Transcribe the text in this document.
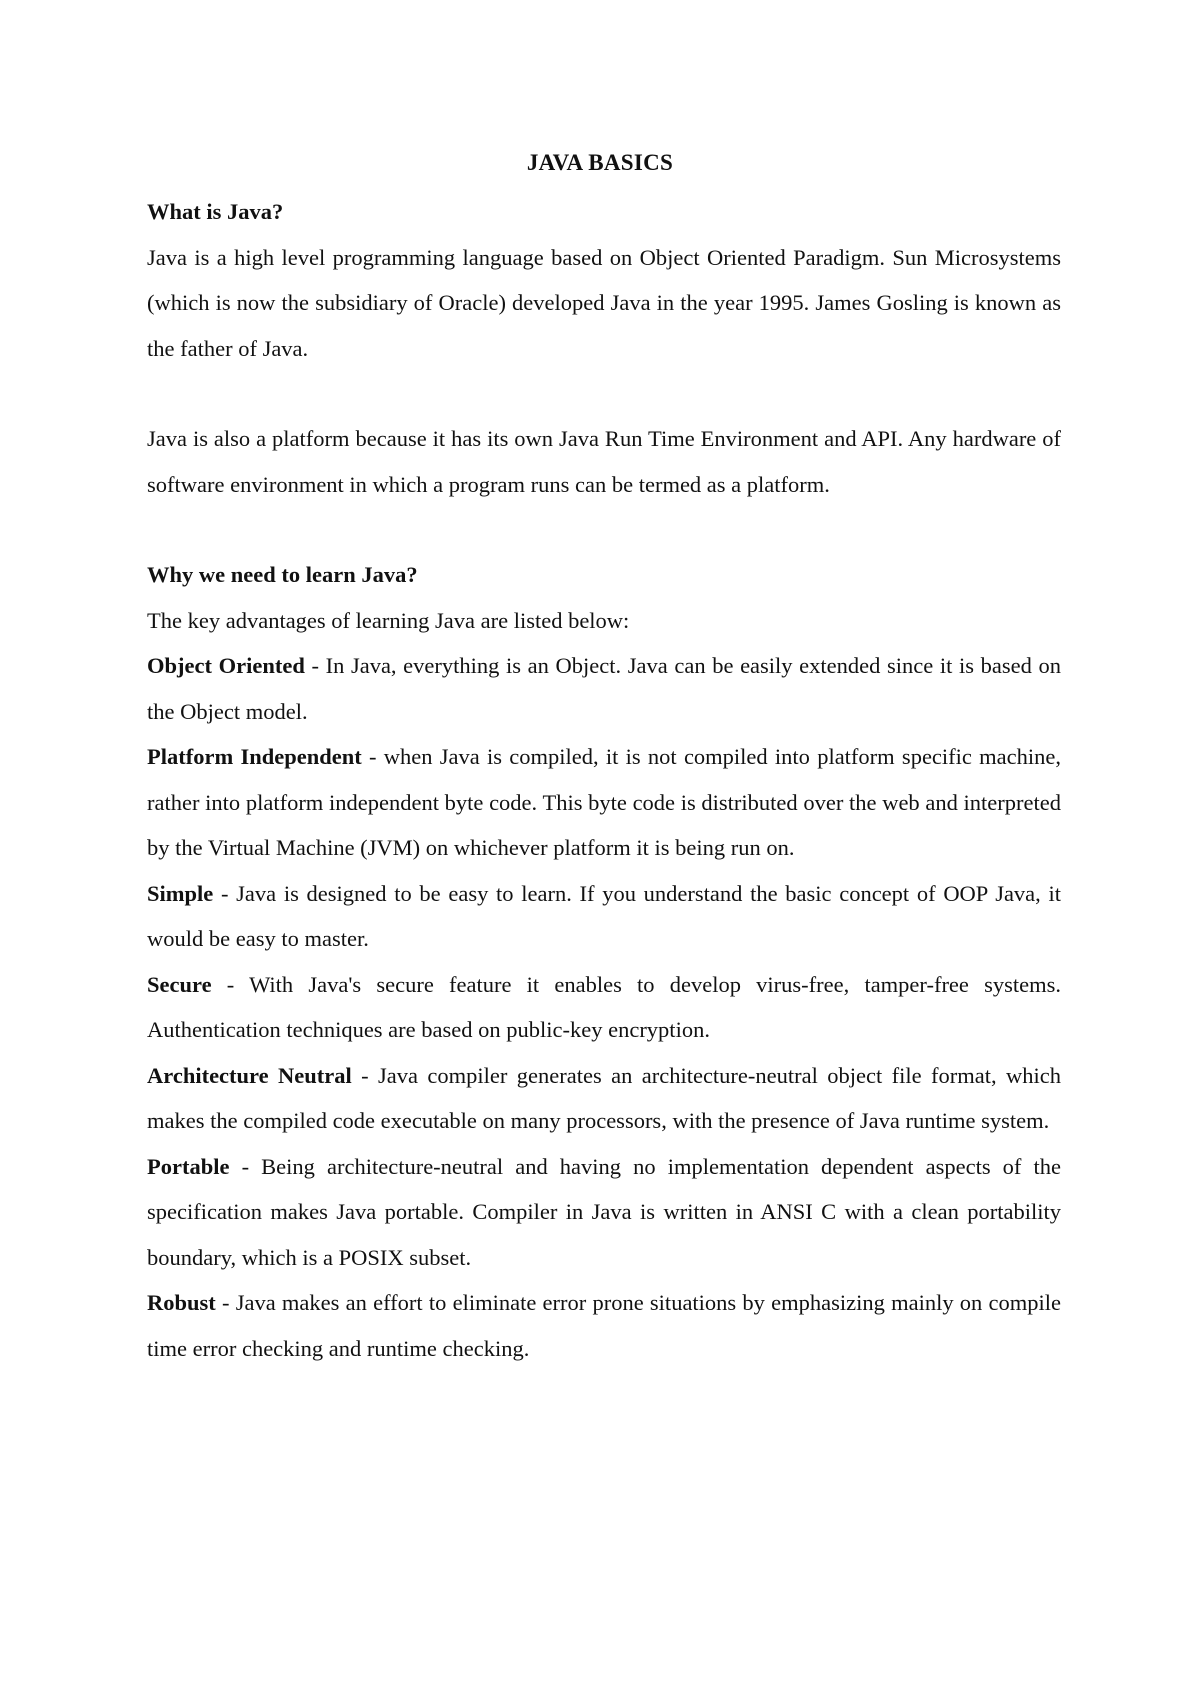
JAVA BASICS

What is Java?

Java is a high level programming language based on Object Oriented Paradigm. Sun Microsystems (which is now the subsidiary of Oracle) developed Java in the year 1995. James Gosling is known as the father of Java.

Java is also a platform because it has its own Java Run Time Environment and API. Any hardware of software environment in which a program runs can be termed as a platform.

Why we need to learn Java?

The key advantages of learning Java are listed below:

Object Oriented - In Java, everything is an Object. Java can be easily extended since it is based on the Object model.

Platform Independent - when Java is compiled, it is not compiled into platform specific machine, rather into platform independent byte code. This byte code is distributed over the web and interpreted by the Virtual Machine (JVM) on whichever platform it is being run on.

Simple - Java is designed to be easy to learn. If you understand the basic concept of OOP Java, it would be easy to master.

Secure - With Java's secure feature it enables to develop virus-free, tamper-free systems. Authentication techniques are based on public-key encryption.

Architecture Neutral - Java compiler generates an architecture-neutral object file format, which makes the compiled code executable on many processors, with the presence of Java runtime system.

Portable - Being architecture-neutral and having no implementation dependent aspects of the specification makes Java portable. Compiler in Java is written in ANSI C with a clean portability boundary, which is a POSIX subset.

Robust - Java makes an effort to eliminate error prone situations by emphasizing mainly on compile time error checking and runtime checking.
